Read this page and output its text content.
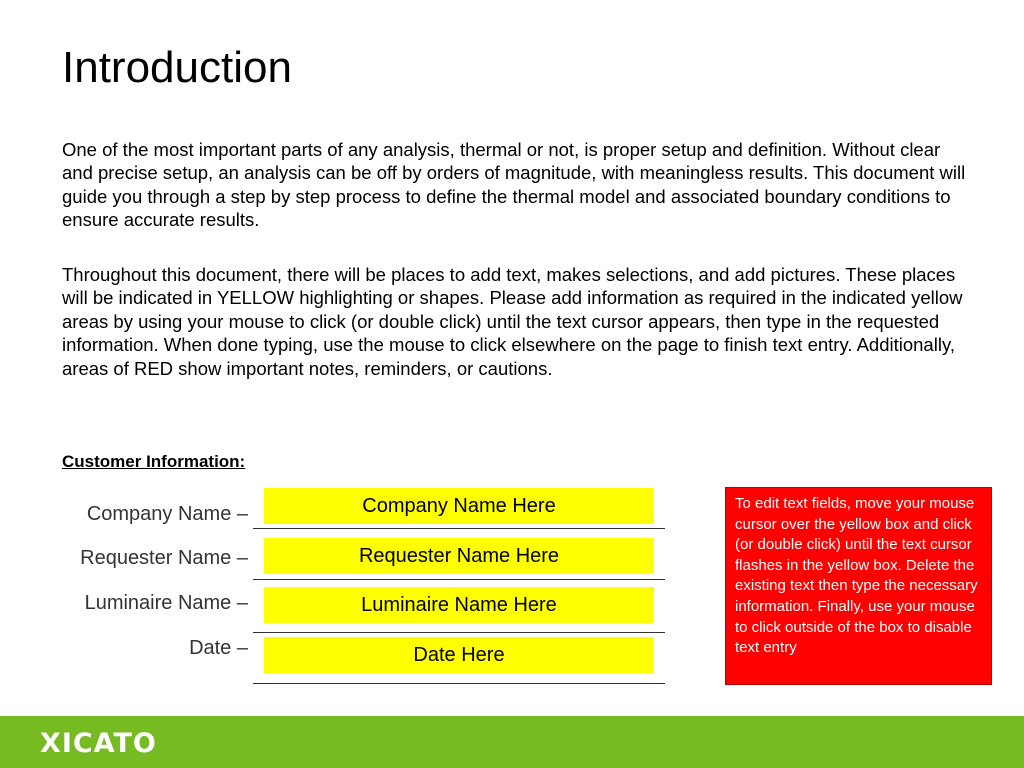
Introduction

One of the most important parts of any analysis, thermal or not, is proper setup and definition. Without clear and precise setup, an analysis can be off by orders of magnitude, with meaningless results. This document will guide you through a step by step process to define the thermal model and associated boundary conditions to ensure accurate results.

Throughout this document, there will be places to add text, makes selections, and add pictures. These places will be indicated in YELLOW highlighting or shapes. Please add information as required in the indicated yellow areas by using your mouse to click (or double click) until the text cursor appears, then type in the requested information. When done typing, use the mouse to click elsewhere on the page to finish text entry. Additionally, areas of RED show important notes, reminders, or cautions.

Customer Information:

Company Name –	Company Name Here
Requester Name –	Requester Name Here
Luminaire Name –	Luminaire Name Here
Date –	Date Here
To edit text fields, move your mouse cursor over the yellow box and click (or double click) until the text cursor flashes in the yellow box. Delete the existing text then type the necessary information. Finally, use your mouse to click outside of the box to disable text entry
XICATO
